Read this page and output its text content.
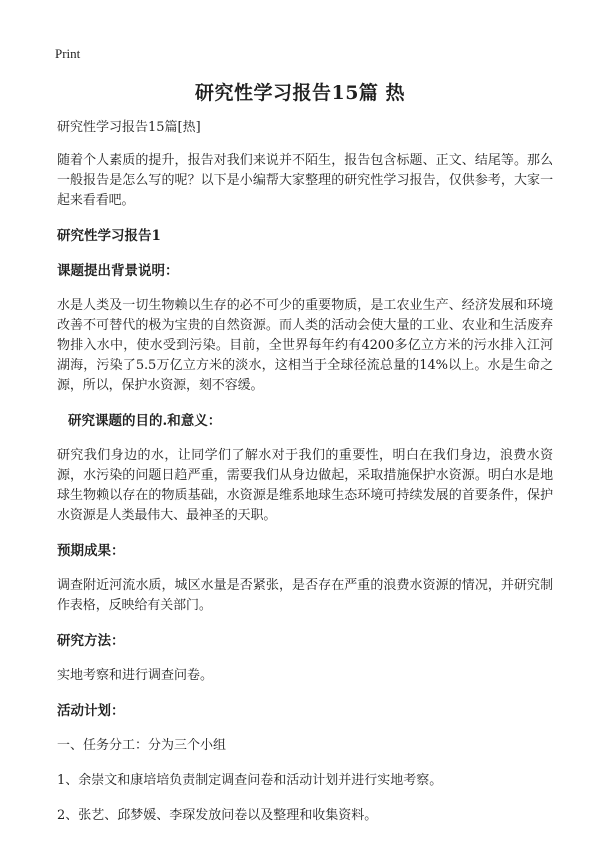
Print
研究性学习报告15篇 热

研究性学习报告15篇[热]

随着个人素质的提升，报告对我们来说并不陌生，报告包含标题、正文、结尾等。那么一般报告是怎么写的呢？以下是小编帮大家整理的研究性学习报告，仅供参考，大家一起来看看吧。

研究性学习报告1

课题提出背景说明：

水是人类及一切生物赖以生存的必不可少的重要物质，是工农业生产、经济发展和环境改善不可替代的极为宝贵的自然资源。而人类的活动会使大量的工业、农业和生活废弃物排入水中，使水受到污染。目前，全世界每年约有4200多亿立方米的污水排入江河湖海，污染了5.5万亿立方米的淡水，这相当于全球径流总量的14%以上。水是生命之源，所以，保护水资源，刻不容缓。

研究课题的目的.和意义：

研究我们身边的水，让同学们了解水对于我们的重要性，明白在我们身边，浪费水资源，水污染的问题日趋严重，需要我们从身边做起，采取措施保护水资源。明白水是地球生物赖以存在的物质基础，水资源是维系地球生态环境可持续发展的首要条件，保护水资源是人类最伟大、最神圣的天职。

预期成果：

调查附近河流水质，城区水量是否紧张，是否存在严重的浪费水资源的情况，并研究制作表格，反映给有关部门。

研究方法：

实地考察和进行调查问卷。

活动计划：

一、任务分工：分为三个小组

1、余崇文和康培培负责制定调查问卷和活动计划并进行实地考察。

2、张艺、邱梦媛、李琛发放问卷以及整理和收集资料。
